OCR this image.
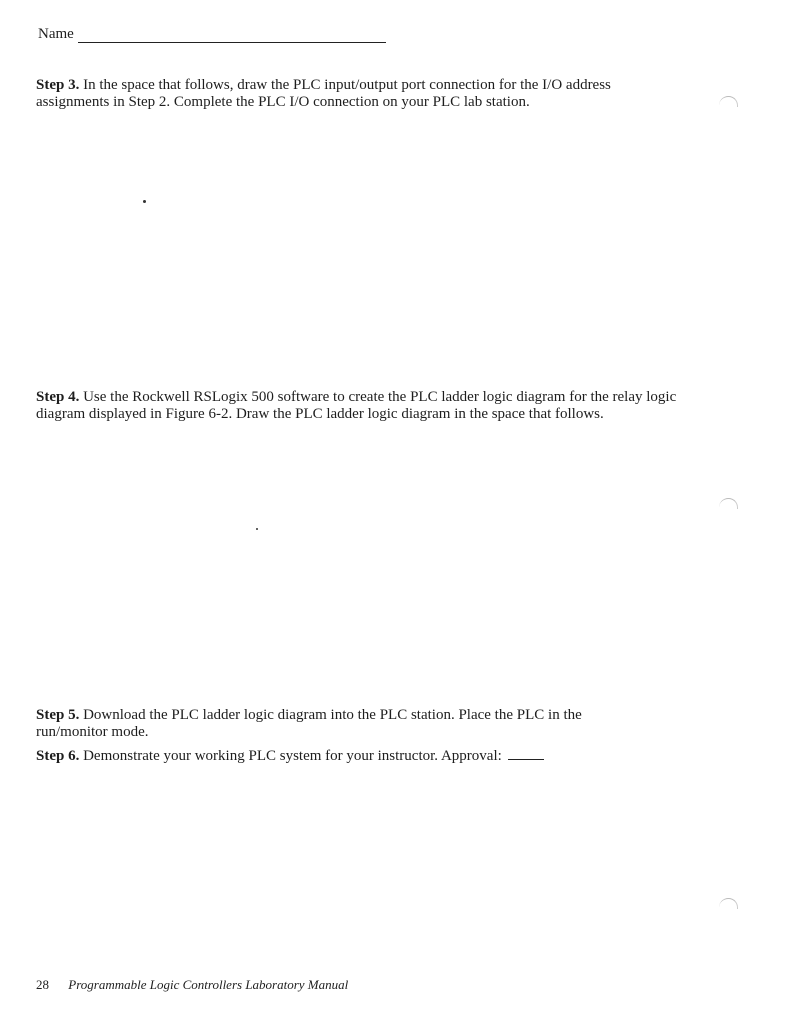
Name
Step 3. In the space that follows, draw the PLC input/output port connection for the I/O address assignments in Step 2. Complete the PLC I/O connection on your PLC lab station.
Step 4. Use the Rockwell RSLogix 500 software to create the PLC ladder logic diagram for the relay logic diagram displayed in Figure 6-2. Draw the PLC ladder logic diagram in the space that follows.
Step 5. Download the PLC ladder logic diagram into the PLC station. Place the PLC in the run/monitor mode.
Step 6. Demonstrate your working PLC system for your instructor. Approval:
28 Programmable Logic Controllers Laboratory Manual
